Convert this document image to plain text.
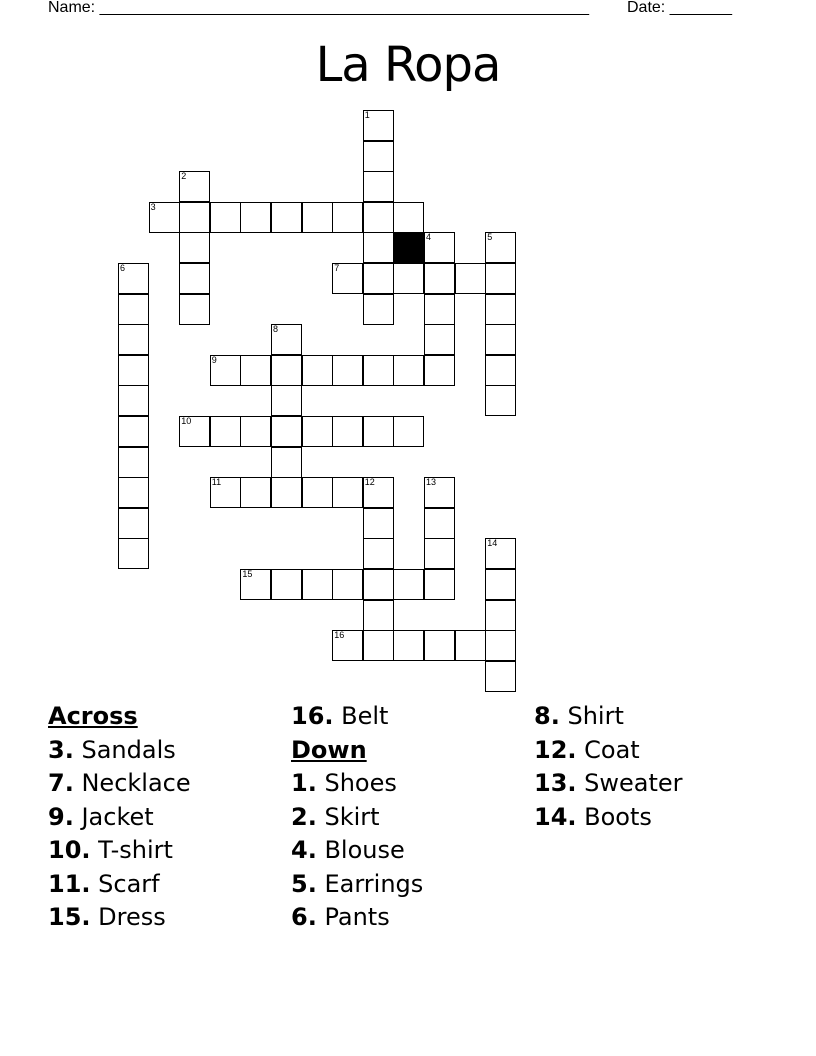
Name: _______________________________________________________ Date: _______
La Ropa
1
2
3
4	5
6	7
8
9
10
11	12	13
14
15
16
Across
3. Sandals
7. Necklace
9. Jacket
10. T-shirt
11. Scarf
15. Dress
16. Belt
Down
1. Shoes
2. Skirt
4. Blouse
5. Earrings
6. Pants
8. Shirt
12. Coat
13. Sweater
14. Boots
